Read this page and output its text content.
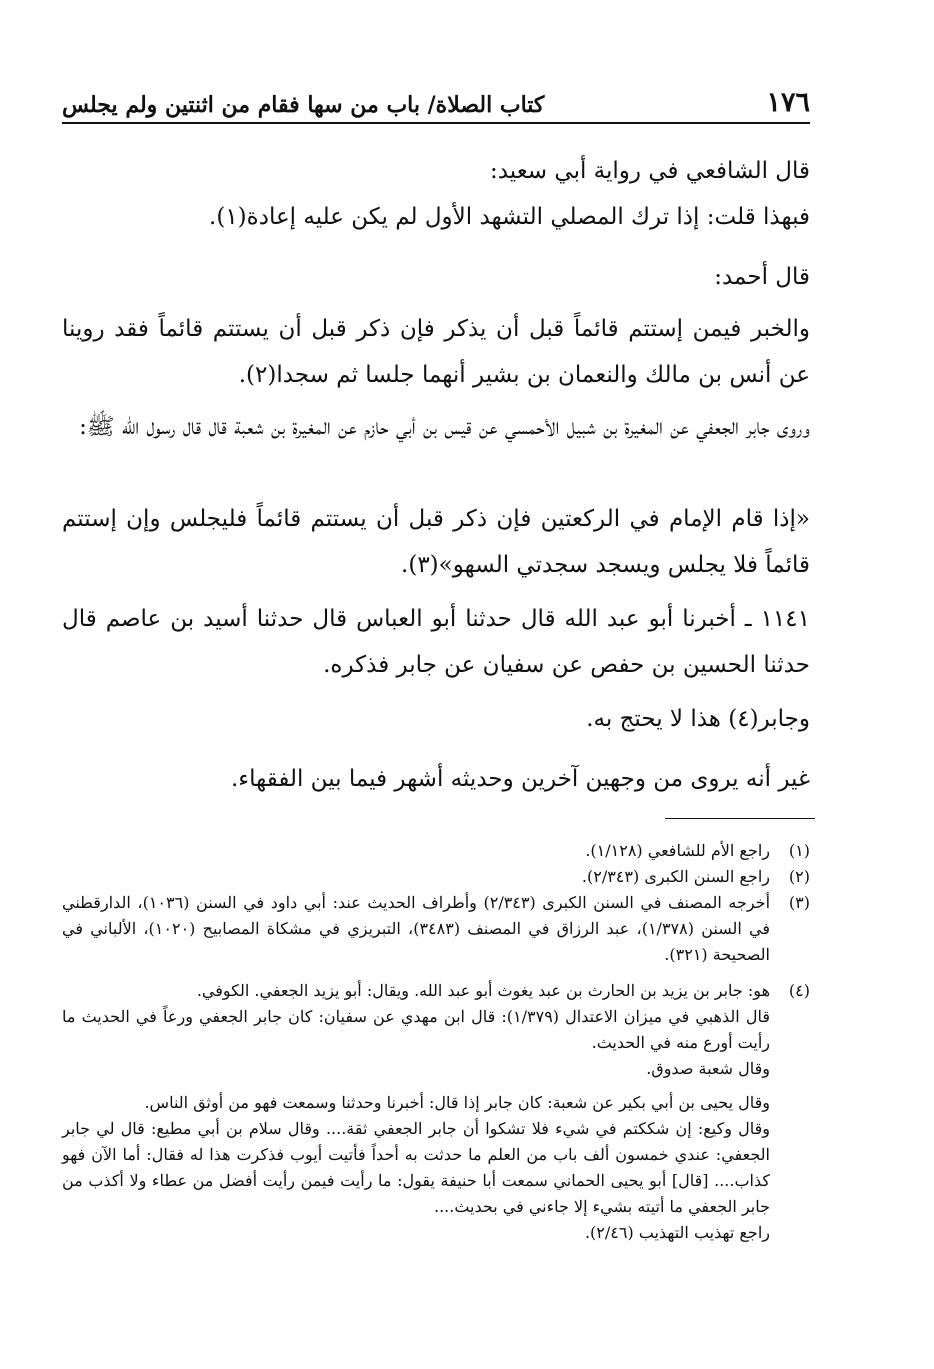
١٧٦
كتاب الصلاة/ باب من سها فقام من اثنتين ولم يجلس

قال الشافعي في رواية أبي سعيد:

فبهذا قلت: إذا ترك المصلي التشهد الأول لم يكن عليه إعادة(١).

قال أحمد:

والخبر فيمن إستتم قائماً قبل أن يذكر فإن ذكر قبل أن يستتم قائماً فقد روينا عن أنس بن مالك والنعمان بن بشير أنهما جلسا ثم سجدا(٢).

وروى جابر الجعفي عن المغيرة بن شبيل الأحمسي عن قيس بن أبي حازم عن المغيرة بن شعبة قال قال رسول الله ﷺ:

«إذا قام الإمام في الركعتين فإن ذكر قبل أن يستتم قائماً فليجلس وإن إستتم قائماً فلا يجلس ويسجد سجدتي السهو»(٣).

١١٤١ ـ أخبرنا أبو عبد الله قال حدثنا أبو العباس قال حدثنا أسيد بن عاصم قال حدثنا الحسين بن حفص عن سفيان عن جابر فذكره.

وجابر(٤) هذا لا يحتج به.

غير أنه يروى من وجهين آخرين وحديثه أشهر فيما بين الفقهاء.

(١)
راجع الأم للشافعي (١/١٢٨).
(٢)
راجع السنن الكبرى (٢/٣٤٣).
(٣)
أخرجه المصنف في السنن الكبرى (٢/٣٤٣) وأطراف الحديث عند: أبي داود في السنن (١٠٣٦)، الدارقطني في السنن (١/٣٧٨)، عبد الرزاق في المصنف (٣٤٨٣)، التبريزي في مشكاة المصابيح (١٠٢٠)، الألباني في الصحيحة (٣٢١).
(٤)
هو: جابر بن يزيد بن الحارث بن عبد يغوث أبو عبد الله. ويقال: أبو يزيد الجعفي. الكوفي.
قال الذهبي في ميزان الاعتدال (١/٣٧٩): قال ابن مهدي عن سفيان: كان جابر الجعفي ورعاً في الحديث ما رأيت أورع منه في الحديث.
وقال شعبة صدوق.
وقال يحيى بن أبي بكير عن شعبة: كان جابر إذا قال: أخبرنا وحدثنا وسمعت فهو من أوثق الناس.
وقال وكيع: إن شككتم في شيء فلا تشكوا أن جابر الجعفي ثقة.... وقال سلام بن أبي مطيع: قال لي جابر الجعفي: عندي خمسون ألف باب من العلم ما حدثت به أحداً فأتيت أيوب فذكرت هذا له فقال: أما الآن فهو كذاب.... [قال] أبو يحيى الحماني سمعت أبا حنيفة يقول: ما رأيت فيمن رأيت أفضل من عطاء ولا أكذب من جابر الجعفي ما أتيته بشيء إلا جاءني في بحديث....
راجع تهذيب التهذيب (٢/٤٦).
